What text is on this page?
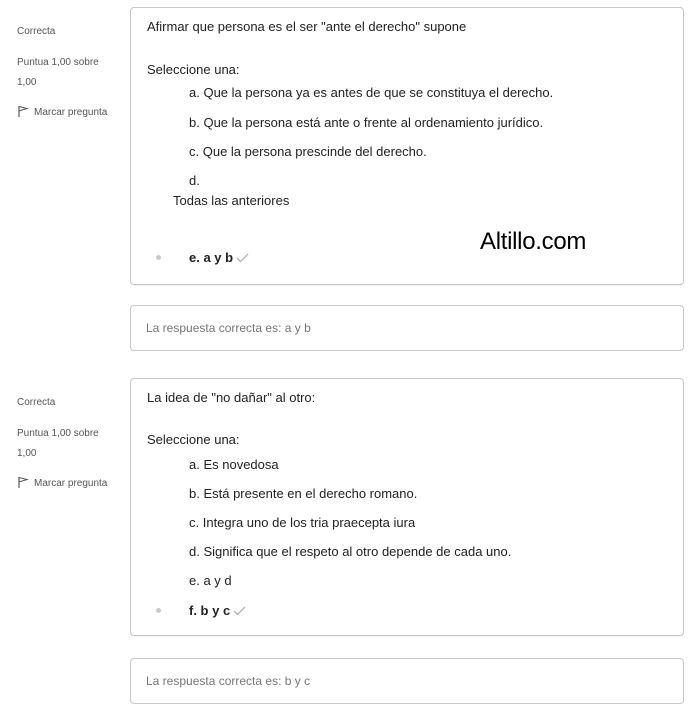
Correcta
Puntua 1,00 sobre 1,00
Marcar pregunta
Afirmar que persona es el ser "ante el derecho" supone
Seleccione una:
a. Que la persona ya es antes de que se constituya el derecho.
b. Que la persona está ante o frente al ordenamiento jurídico.
c. Que la persona prescinde del derecho.
d.
Todas las anteriores
e. a y b
Altillo.com
La respuesta correcta es: a y b
Correcta
Puntua 1,00 sobre 1,00
Marcar pregunta
La idea de "no dañar" al otro:
Seleccione una:
a. Es novedosa
b. Está presente en el derecho romano.
c. Integra uno de los tria praecepta iura
d. Significa que el respeto al otro depende de cada uno.
e. a y d
f. b y c
La respuesta correcta es: b y c
